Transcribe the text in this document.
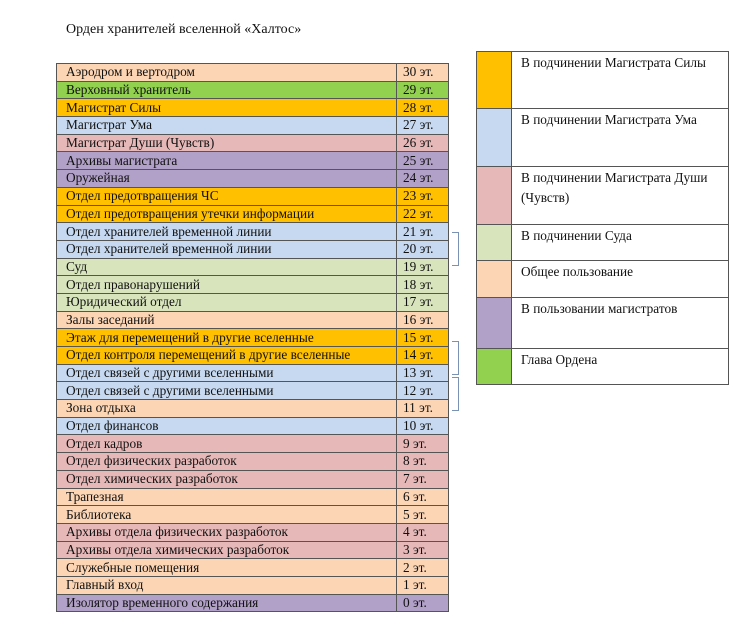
Орден хранителей вселенной «Халтос»
Аэродром и вертодром	30 эт.
Верховный хранитель	29 эт.
Магистрат Силы	28 эт.
Магистрат Ума	27 эт.
Магистрат Души (Чувств)	26 эт.
Архивы магистрата	25 эт.
Оружейная	24 эт.
Отдел предотвращения ЧС	23 эт.
Отдел предотвращения утечки информации	22 эт.
Отдел хранителей временной линии	21 эт.
Отдел хранителей временной линии	20 эт.
Суд	19 эт.
Отдел правонарушений	18 эт.
Юридический отдел	17 эт.
Залы заседаний	16 эт.
Этаж для перемещений в другие вселенные	15 эт.
Отдел контроля перемещений в другие вселенные	14 эт.
Отдел связей с другими вселенными	13 эт.
Отдел связей с другими вселенными	12 эт.
Зона отдыха	11 эт.
Отдел финансов	10 эт.
Отдел кадров	9 эт.
Отдел физических разработок	8 эт.
Отдел химических разработок	7 эт.
Трапезная	6 эт.
Библиотека	5 эт.
Архивы отдела физических разработок	4 эт.
Архивы отдела химических разработок	3 эт.
Служебные помещения	2 эт.
Главный вход	1 эт.
Изолятор временного содержания	0 эт.
	В подчинении Магистрата Силы
	В подчинении Магистрата Ума
	В подчинении Магистрата Души (Чувств)
	В подчинении Суда
	Общее пользование
	В пользовании магистратов
	Глава Ордена
